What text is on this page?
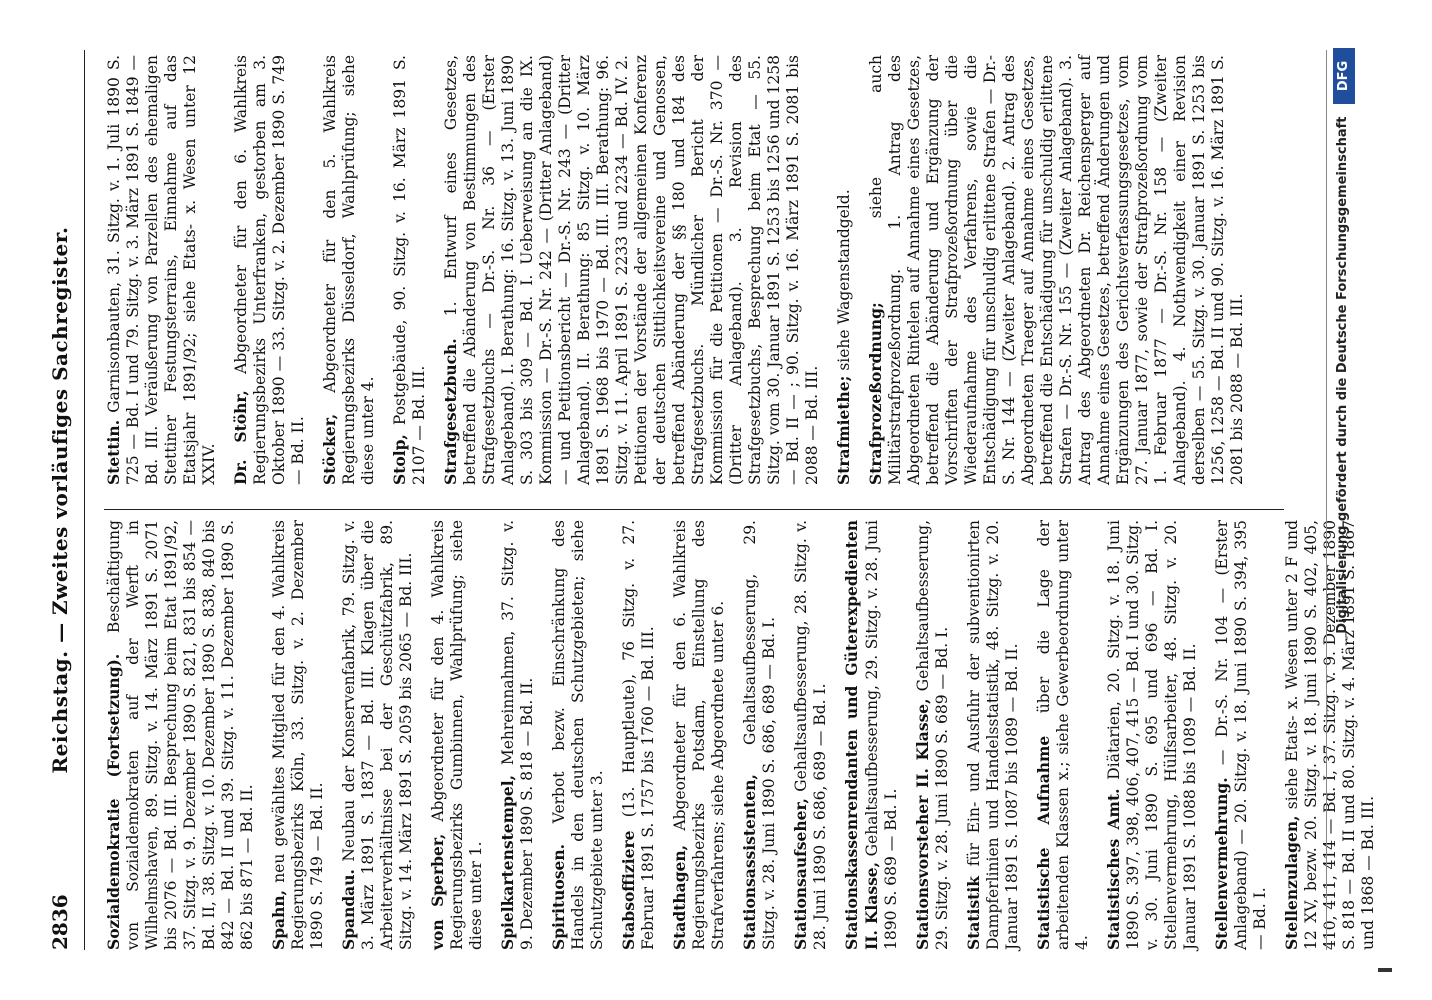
2836
Reichstag. — Zweites vorläufiges Sachregister.

Sozialdemokratie (Fortsetzung). Beschäftigung von Sozialdemokraten auf der Werft in Wilhelmshaven, 89. Sitzg. v. 14. März 1891 S. 2071 bis 2076 — Bd. III. Besprechung beim Etat 1891/92, 37. Sitzg. v. 9. Dezember 1890 S. 821, 831 bis 854 — Bd. II, 38. Sitzg. v. 10. Dezember 1890 S. 838, 840 bis 842 — Bd. II und 39. Sitzg. v. 11. Dezember 1890 S. 862 bis 871 — Bd. II. Spahn, neu gewähltes Mitglied für den 4. Wahlkreis Regierungsbezirks Köln, 33. Sitzg. v. 2. Dezember 1890 S. 749 — Bd. II. Spandau. Neubau der Konservenfabrik, 79. Sitzg. v. 3. März 1891 S. 1837 — Bd. III. Klagen über die Arbeiterverhältnisse bei der Geschützfabrik, 89. Sitzg. v. 14. März 1891 S. 2059 bis 2065 — Bd. III. von Sperber, Abgeordneter für den 4. Wahlkreis Regierungsbezirks Gumbinnen, Wahlprüfung; siehe diese unter 1. Spielkartenstempel, Mehreinnahmen, 37. Sitzg. v. 9. Dezember 1890 S. 818 — Bd. II. Spirituosen. Verbot bezw. Einschränkung des Handels in den deutschen Schutzgebieten; siehe Schutzgebiete unter 3. Stabsoffiziere (13. Hauptleute), 76 Sitzg. v. 27. Februar 1891 S. 1757 bis 1760 — Bd. III. Stadthagen, Abgeordneter für den 6. Wahlkreis Regierungsbezirks Potsdam, Einstellung des Strafverfahrens; siehe Abgeordnete unter 6. Stationsassistenten, Gehaltsaufbesserung, 29. Sitzg. v. 28. Juni 1890 S. 686, 689 — Bd. I. Stationsaufseher, Gehaltsaufbesserung, 28. Sitzg. v. 28. Juni 1890 S. 686, 689 — Bd. I. Stationskassenrendanten und Güterexpedienten II. Klasse, Gehaltsaufbesserung, 29. Sitzg. v. 28. Juni 1890 S. 689 — Bd. I. Stationsvorsteher II. Klasse, Gehaltsaufbesserung, 29. Sitzg. v. 28. Juni 1890 S. 689 — Bd. I. Statistik für Ein- und Ausfuhr der subventionirten Dampferlinien und Handelsstatistik, 48. Sitzg. v. 20. Januar 1891 S. 1087 bis 1089 — Bd. II. Statistische Aufnahme über die Lage der arbeitenden Klassen x.; siehe Gewerbeordnung unter 4. Statistisches Amt. Diätarien, 20. Sitzg. v. 18. Juni 1890 S. 397, 398, 406, 407, 415 — Bd. I und 30. Sitzg. v. 30. Juni 1890 S. 695 und 696 — Bd. I. Stellenvermehrung, Hülfsarbeiter, 48. Sitzg. v. 20. Januar 1891 S. 1088 bis 1089 — Bd. II. Stellenvermehrung. — Dr.-S. Nr. 104 — (Erster Anlageband) — 20. Sitzg. v. 18. Juni 1890 S. 394, 395 — Bd. I. Stellenzulagen, siehe Etats- x. Wesen unter 2 F und 12 XV, bezw. 20. Sitzg. v. 18. Juni 1890 S. 402, 405, 410, 411, 414 — Bd. I, 37. Sitzg. v. 9. Dezember 1890 S. 818 — Bd. II und 80. Sitzg. v. 4. März 1891 S. 1867 und 1868 — Bd. III.

Stettin. Garnisonbauten, 31. Sitzg. v. 1. Juli 1890 S. 725 — Bd. I und 79. Sitzg. v. 3. März 1891 S. 1849 — Bd. III. Veräußerung von Parzellen des ehemaligen Stettiner Festungsterrains, Einnahme auf das Etatsjahr 1891/92; siehe Etats- x. Wesen unter 12 XXIV. Dr. Stöhr, Abgeordneter für den 6. Wahlkreis Regierungsbezirks Unterfranken, gestorben am 3. Oktober 1890 — 33. Sitzg. v. 2. Dezember 1890 S. 749 — Bd. II. Stöcker, Abgeordneter für den 5. Wahlkreis Regierungsbezirks Düsseldorf, Wahlprüfung; siehe diese unter 4. Stolp, Postgebäude, 90. Sitzg. v. 16. März 1891 S. 2107 — Bd. III. Strafgesetzbuch. 1. Entwurf eines Gesetzes, betreffend die Abänderung von Bestimmungen des Strafgesetzbuchs — Dr.-S. Nr. 36 — (Erster Anlageband). I. Berathung: 16. Sitzg. v. 13. Juni 1890 S. 303 bis 309 — Bd. I. Ueberweisung an die IX. Kommission — Dr.-S. Nr. 242 — (Dritter Anlageband) — und Petitionsbericht — Dr.-S. Nr. 243 — (Dritter Anlageband). II. Berathung: 85 Sitzg. v. 10. März 1891 S. 1968 bis 1970 — Bd. III. III. Berathung: 96. Sitzg. v. 11. April 1891 S. 2233 und 2234 — Bd. IV. 2. Petitionen der Vorstände der allgemeinen Konferenz der deutschen Sittlichkeitsvereine und Genossen, betreffend Abänderung der §§ 180 und 184 des Strafgesetzbuchs. Mündlicher Bericht der Kommission für die Petitionen — Dr.-S. Nr. 370 — (Dritter Anlageband). 3. Revision des Strafgesetzbuchs, Besprechung beim Etat — 55. Sitzg. vom 30. Januar 1891 S. 1253 bis 1256 und 1258 — Bd. II — ; 90. Sitzg. v. 16. März 1891 S. 2081 bis 2088 — Bd. III. Strafmiethe; siehe Wagenstandgeld.

Strafprozeßordnung; siehe auch Militärstrafprozeßordnung. 1. Antrag des Abgeordneten Rintelen auf Annahme eines Gesetzes, betreffend die Abänderung und Ergänzung der Vorschriften der Strafprozeßordnung über die Wiederaufnahme des Verfahrens, sowie die Entschädigung für unschuldig erlittene Strafen — Dr.-S. Nr. 144 — (Zweiter Anlageband). 2. Antrag des Abgeordneten Traeger auf Annahme eines Gesetzes, betreffend die Entschädigung für unschuldig erlittene Strafen — Dr.-S. Nr. 155 — (Zweiter Anlageband). 3. Antrag des Abgeordneten Dr. Reichensperger auf Annahme eines Gesetzes, betreffend Änderungen und Ergänzungen des Gerichtsverfassungsgesetzes, vom 27. Januar 1877, sowie der Strafprozeßordnung vom 1. Februar 1877 — Dr.-S. Nr. 158 — (Zweiter Anlageband). 4. Nothwendigkeit einer Revision derselben — 55. Sitzg. v. 30. Januar 1891 S. 1253 bis 1256, 1258 — Bd. II und 90. Sitzg. v. 16. März 1891 S. 2081 bis 2088 — Bd. III.	Digitalisierung gefördert durch die Deutsche Forschungsgemeinschaft
DFG
